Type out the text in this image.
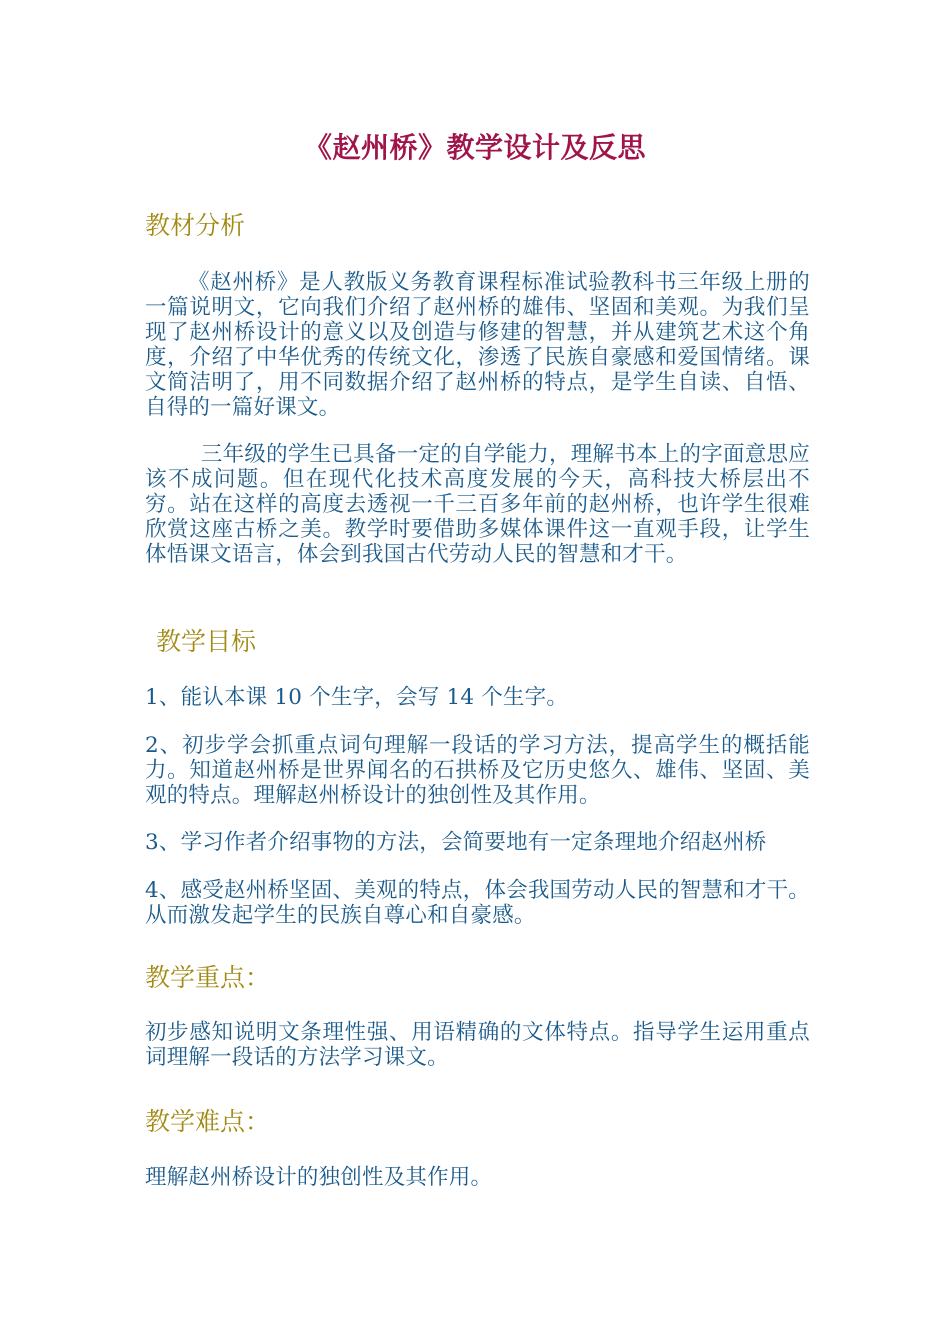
《赵州桥》教学设计及反思
教材分析

《赵州桥》是人教版义务教育课程标准试验教科书三年级上册的一篇说明文，它向我们介绍了赵州桥的雄伟、坚固和美观。为我们呈现了赵州桥设计的意义以及创造与修建的智慧，并从建筑艺术这个角度，介绍了中华优秀的传统文化，渗透了民族自豪感和爱国情绪。课文简洁明了，用不同数据介绍了赵州桥的特点，是学生自读、自悟、自得的一篇好课文。

三年级的学生已具备一定的自学能力，理解书本上的字面意思应该不成问题。但在现代化技术高度发展的今天，高科技大桥层出不穷。站在这样的高度去透视一千三百多年前的赵州桥，也许学生很难欣赏这座古桥之美。教学时要借助多媒体课件这一直观手段，让学生体悟课文语言，体会到我国古代劳动人民的智慧和才干。

教学目标

1、能认本课 10 个生字，会写 14 个生字。

2、初步学会抓重点词句理解一段话的学习方法，提高学生的概括能力。知道赵州桥是世界闻名的石拱桥及它历史悠久、雄伟、坚固、美观的特点。理解赵州桥设计的独创性及其作用。

3、学习作者介绍事物的方法，会简要地有一定条理地介绍赵州桥

4、感受赵州桥坚固、美观的特点，体会我国劳动人民的智慧和才干。从而激发起学生的民族自尊心和自豪感。

教学重点：

初步感知说明文条理性强、用语精确的文体特点。指导学生运用重点词理解一段话的方法学习课文。

教学难点：

理解赵州桥设计的独创性及其作用。
